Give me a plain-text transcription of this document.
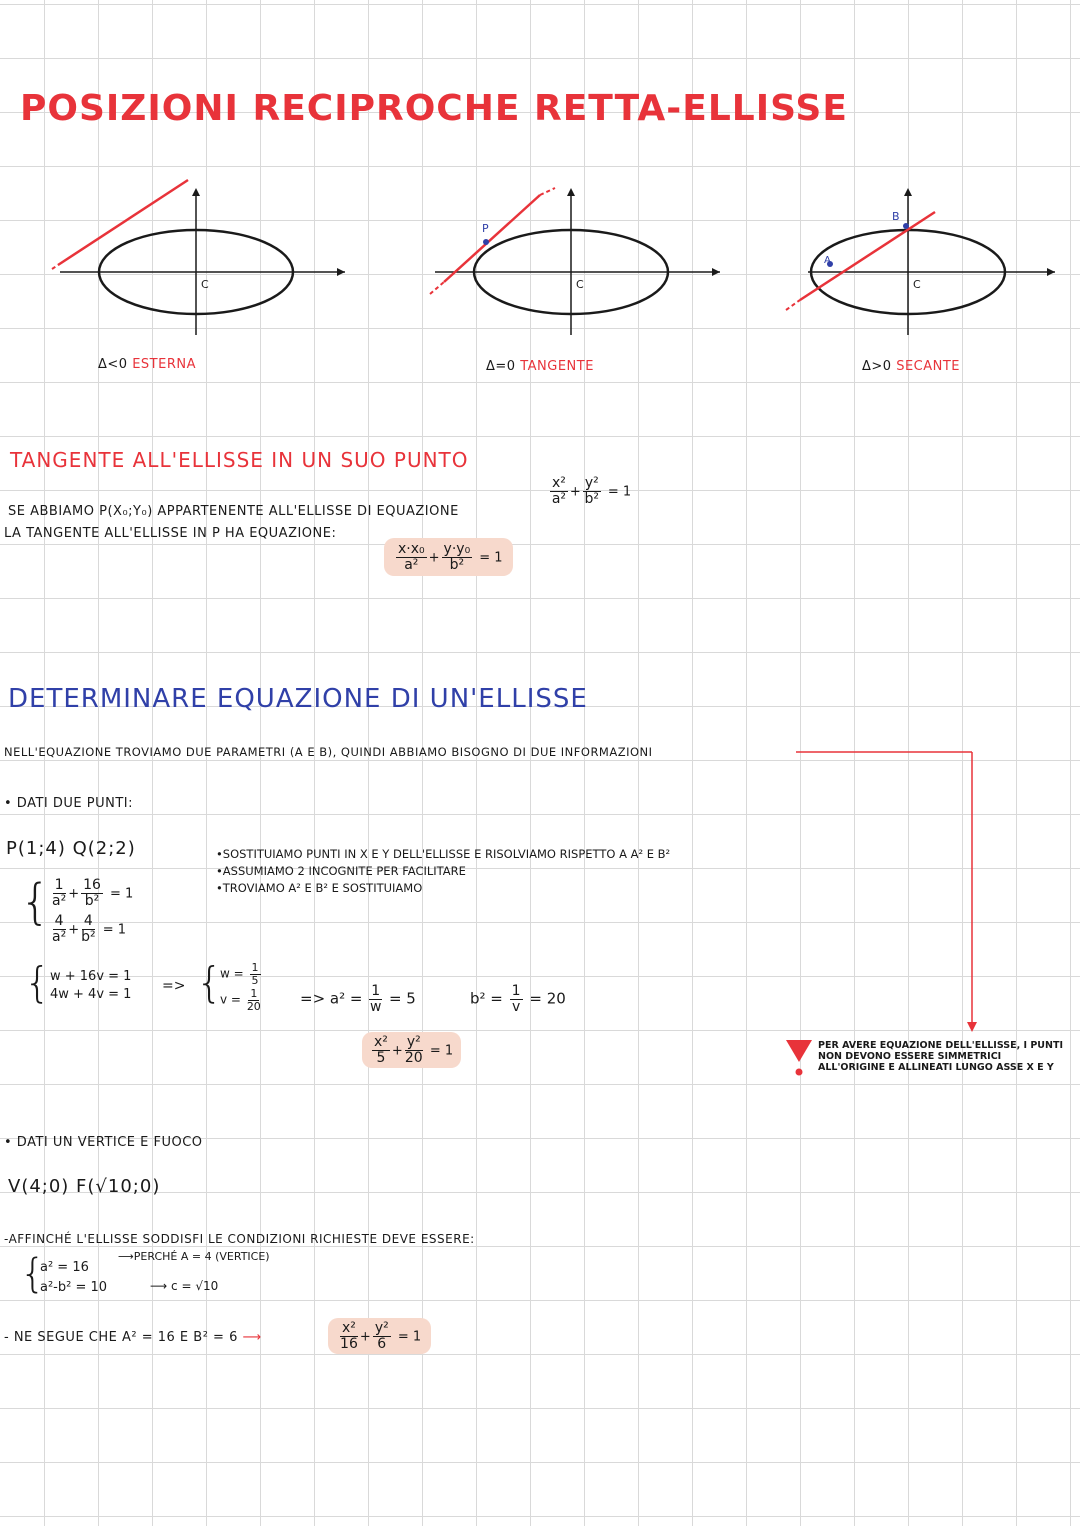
POSIZIONI RECIPROCHE RETTA-ELLISSE
C	C	C
P
A
B
Δ<0 ESTERNA	Δ=0 TANGENTE	Δ>0 SECANTE
TANGENTE ALL'ELLISSE IN UN SUO PUNTO
SE ABBIAMO P(X₀;Y₀) APPARTENENTE ALL'ELLISSE DI EQUAZIONE
LA TANGENTE ALL'ELLISSE IN P HA EQUAZIONE:
$\frac{\text{x²}}{\text{a²}} + \frac{\text{y²}}{\text{b²}} = 1$
$\frac{\text{x·x₀}}{\text{a²}} + \frac{\text{y·y₀}}{\text{b²}} = 1$
DETERMINARE EQUAZIONE DI UN'ELLISSE
NELL'EQUAZIONE TROVIAMO DUE PARAMETRI (A E B), QUINDI ABBIAMO BISOGNO DI DUE INFORMAZIONI
• DATI DUE PUNTI:
P(1;4) Q(2;2)	•SOSTITUIAMO PUNTI IN X E Y DELL'ELLISSE E RISOLVIAMO RISPETTO A A² E B²
•ASSUMIAMO 2 INCOGNITE PER FACILITARE
•TROVIAMO A² E B² E SOSTITUIAMO
{ $\frac{1}{\text{a²}} + \frac{16}{\text{b²}} = 1$
$\frac{4}{\text{a²}} + \frac{4}{\text{b²}} = 1$
{ w + 16v = 1
4w + 4v = 1
=> {
$w = \frac{1}{5}$
$v = \frac{1}{20}$	=> $a^2 = \frac{1}{w} = 5$	$b^2 = \frac{1}{v} = 20$
$\frac{\text{x²}}{5} + \frac{\text{y²}}{20} = 1$	PER AVERE EQUAZIONE DELL'ELLISSE, I PUNTI NON DEVONO ESSERE SIMMETRICI ALL'ORIGINE E ALLINEATI LUNGO ASSE X E Y
• DATI UN VERTICE E FUOCO
V(4;0) F(√10;0)
-AFFINCHÉ L'ELLISSE SODDISFI LE CONDIZIONI RICHIESTE DEVE ESSERE:
{
a² = 16
a²-b² = 10
⟶PERCHÉ A = 4 (VERTICE)
⟶ c = √10
- NE SEGUE CHE A² = 16 E B² = 6 ⟶	$\frac{\text{x²}}{16} + \frac{\text{y²}}{6} = 1$
